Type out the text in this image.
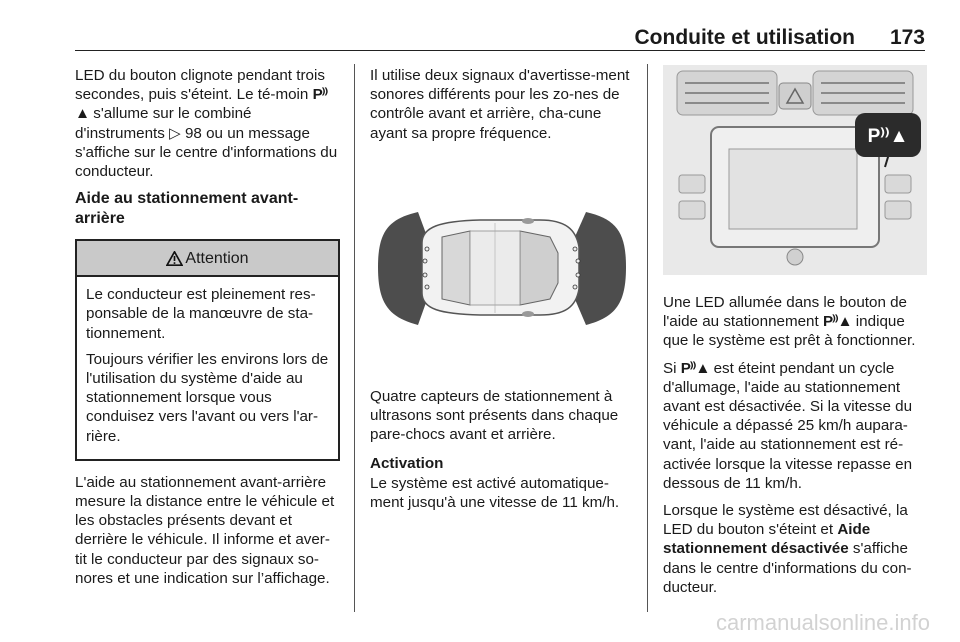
Conduite et utilisation 173

LED du bouton clignote pendant trois secondes, puis s'éteint. Le té-moin P⁾⁾▲ s'allume sur le combiné d'instruments ▷ 98 ou un message s'affiche sur le centre d'informations du conducteur.

Aide au stationnement avant-arrière
Attention

Le conducteur est pleinement res-ponsable de la manœuvre de sta-tionnement.

Toujours vérifier les environs lors de l'utilisation du système d'aide au stationnement lorsque vous conduisez vers l'avant ou vers l'ar-rière.

L'aide au stationnement avant-arrière mesure la distance entre le véhicule et les obstacles présents devant et derrière le véhicule. Il informe et aver-tit le conducteur par des signaux so-nores et une indication sur l’affichage.

Il utilise deux signaux d'avertisse-ment sonores différents pour les zo-nes de contrôle avant et arrière, cha-cune ayant sa propre fréquence.

Quatre capteurs de stationnement à ultrasons sont présents dans chaque pare-chocs avant et arrière.

Activation

Le système est activé automatique-ment jusqu'à une vitesse de 11 km/h.

P⁾⁾▲

Une LED allumée dans le bouton de l'aide au stationnement P⁾⁾▲ indique que le système est prêt à fonctionner.

Si P⁾⁾▲ est éteint pendant un cycle d'allumage, l'aide au stationnement avant est désactivée. Si la vitesse du véhicule a dépassé 25 km/h aupara-vant, l'aide au stationnement est ré-activée lorsque la vitesse repasse en dessous de 11 km/h.

Lorsque le système est désactivé, la LED du bouton s'éteint et Aide stationnement désactivée s'affiche dans le centre d'informations du con-ducteur.

carmanualsonline.info
